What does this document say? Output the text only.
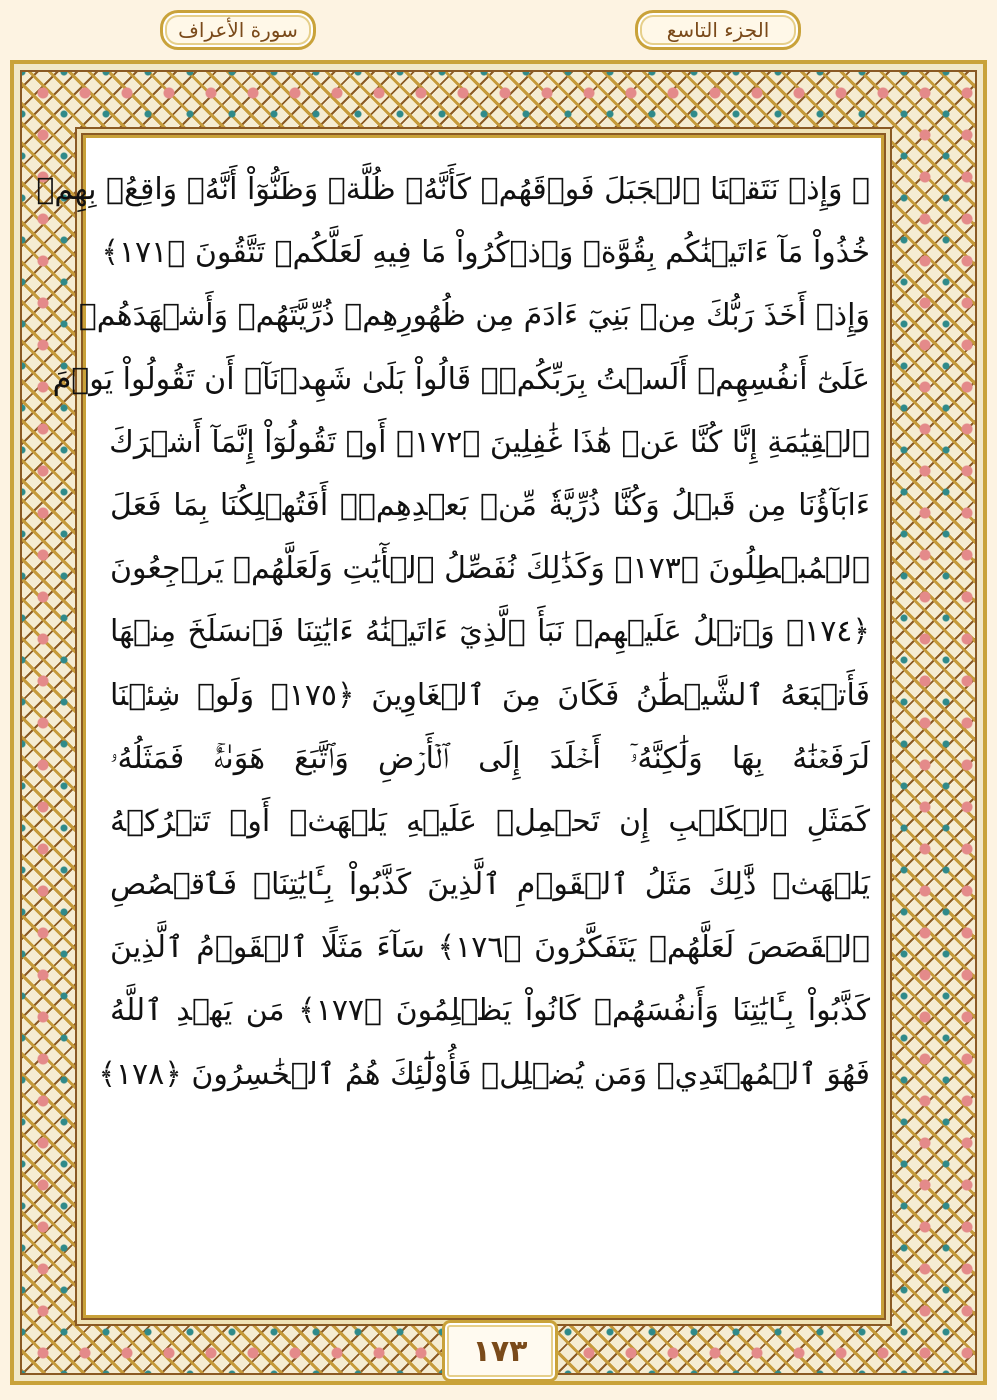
سورة الأعراف	الجزء التاسع
۞ وَإِذۡ نَتَقۡنَا ٱلۡجَبَلَ فَوۡقَهُمۡ كَأَنَّهُۥ ظُلَّةٞ وَظَنُّوٓاْ أَنَّهُۥ وَاقِعُۢ بِهِمۡ
خُذُواْ مَآ ءَاتَيۡنَٰكُم بِقُوَّةٖ وَٱذۡكُرُواْ مَا فِيهِ لَعَلَّكُمۡ تَتَّقُونَ ﴿١٧١﴾
وَإِذۡ أَخَذَ رَبُّكَ مِنۢ بَنِيٓ ءَادَمَ مِن ظُهُورِهِمۡ ذُرِّيَّتَهُمۡ وَأَشۡهَدَهُمۡ
عَلَىٰٓ أَنفُسِهِمۡ أَلَسۡتُ بِرَبِّكُمۡۖ قَالُواْ بَلَىٰ شَهِدۡنَآۚ أَن تَقُولُواْ يَوۡمَ
ٱلۡقِيَٰمَةِ إِنَّا كُنَّا عَنۡ هَٰذَا غَٰفِلِينَ ﴿١٧٢﴾ أَوۡ تَقُولُوٓاْ إِنَّمَآ أَشۡرَكَ
ءَابَآؤُنَا مِن قَبۡلُ وَكُنَّا ذُرِّيَّةٗ مِّنۢ بَعۡدِهِمۡۖ أَفَتُهۡلِكُنَا بِمَا فَعَلَ
ٱلۡمُبۡطِلُونَ ﴿١٧٣﴾ وَكَذَٰلِكَ نُفَصِّلُ ٱلۡأٓيَٰتِ وَلَعَلَّهُمۡ يَرۡجِعُونَ
﴿١٧٤﴾ وَٱتۡلُ عَلَيۡهِمۡ نَبَأَ ٱلَّذِيٓ ءَاتَيۡنَٰهُ ءَايَٰتِنَا فَٱنسَلَخَ مِنۡهَا
فَأَتۡبَعَهُ ٱلشَّيۡطَٰنُ فَكَانَ مِنَ ٱلۡغَاوِينَ ﴿١٧٥﴾ وَلَوۡ شِئۡنَا
لَرَفَعۡنَٰهُ بِهَا وَلَٰكِنَّهُۥٓ أَخۡلَدَ إِلَى ٱلۡأَرۡضِ وَٱتَّبَعَ هَوَىٰهُۚ فَمَثَلُهُۥ
كَمَثَلِ ٱلۡكَلۡبِ إِن تَحۡمِلۡ عَلَيۡهِ يَلۡهَثۡ أَوۡ تَتۡرُكۡهُ
يَلۡهَثۚ ذَّٰلِكَ مَثَلُ ٱلۡقَوۡمِ ٱلَّذِينَ كَذَّبُواْ بِـَٔايَٰتِنَاۚ فَٱقۡصُصِ
ٱلۡقَصَصَ لَعَلَّهُمۡ يَتَفَكَّرُونَ ﴿١٧٦﴾ سَآءَ مَثَلًا ٱلۡقَوۡمُ ٱلَّذِينَ
كَذَّبُواْ بِـَٔايَٰتِنَا وَأَنفُسَهُمۡ كَانُواْ يَظۡلِمُونَ ﴿١٧٧﴾ مَن يَهۡدِ ٱللَّهُ
فَهُوَ ٱلۡمُهۡتَدِيۖ وَمَن يُضۡلِلۡ فَأُوْلَٰٓئِكَ هُمُ ٱلۡخَٰسِرُونَ ﴿١٧٨﴾
١٧٣
